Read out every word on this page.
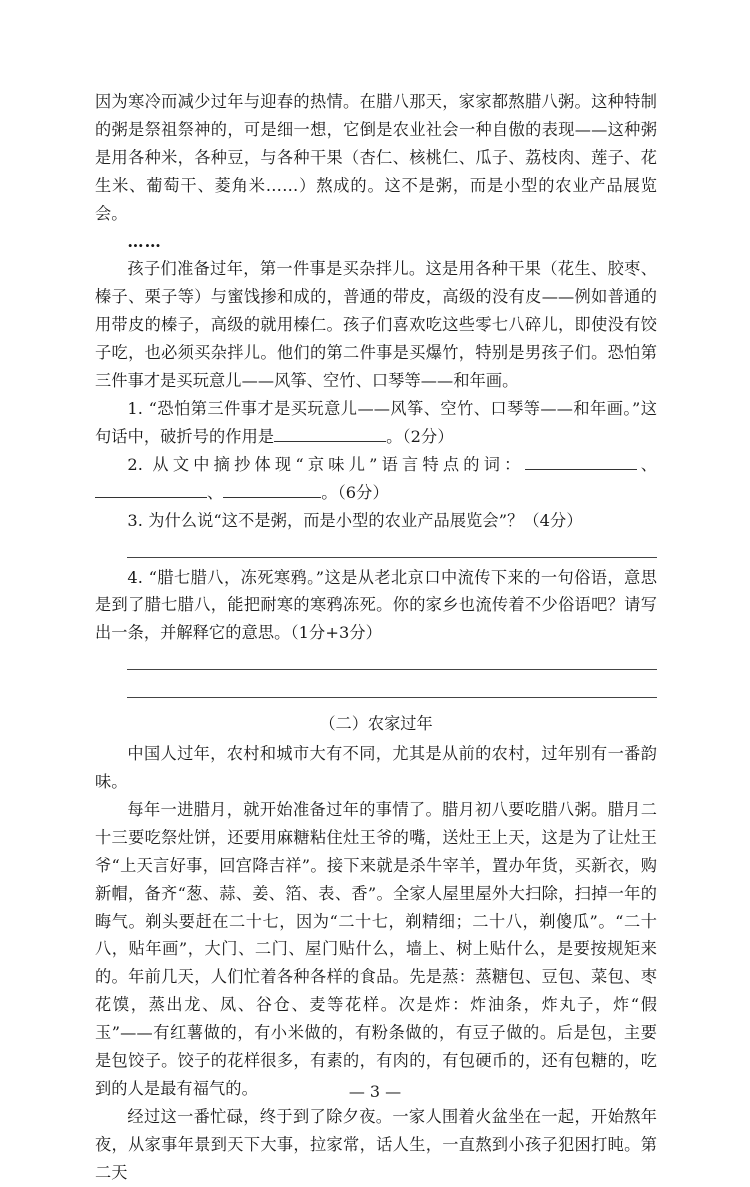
因为寒冷而减少过年与迎春的热情。在腊八那天，家家都熬腊八粥。这种特制的粥是祭祖祭神的，可是细一想，它倒是农业社会一种自傲的表现——这种粥是用各种米，各种豆，与各种干果（杏仁、核桃仁、瓜子、荔枝肉、莲子、花生米、葡萄干、菱角米……）熬成的。这不是粥，而是小型的农业产品展览会。

……

孩子们准备过年，第一件事是买杂拌儿。这是用各种干果（花生、胶枣、榛子、栗子等）与蜜饯掺和成的，普通的带皮，高级的没有皮——例如普通的用带皮的榛子，高级的就用榛仁。孩子们喜欢吃这些零七八碎儿，即使没有饺子吃，也必须买杂拌儿。他们的第二件事是买爆竹，特别是男孩子们。恐怕第三件事才是买玩意儿——风筝、空竹、口琴等——和年画。

1. “恐怕第三件事才是买玩意儿——风筝、空竹、口琴等——和年画。”这句话中，破折号的作用是	。（2分）

2. 从文中摘抄体现“京味儿”语言特点的词：	、、	。（6分）

3. 为什么说“这不是粥，而是小型的农业产品展览会”？（4分）

4. “腊七腊八，冻死寒鸦。”这是从老北京口中流传下来的一句俗语，意思是到了腊七腊八，能把耐寒的寒鸦冻死。你的家乡也流传着不少俗语吧？请写出一条，并解释它的意思。（1分+3分）

（二）农家过年

中国人过年，农村和城市大有不同，尤其是从前的农村，过年别有一番韵味。

每年一进腊月，就开始准备过年的事情了。腊月初八要吃腊八粥。腊月二十三要吃祭灶饼，还要用麻糖粘住灶王爷的嘴，送灶王上天，这是为了让灶王爷“上天言好事，回宫降吉祥”。接下来就是杀牛宰羊，置办年货，买新衣，购新帽，备齐“葱、蒜、姜、箔、表、香”。全家人屋里屋外大扫除，扫掉一年的晦气。剃头要赶在二十七，因为“二十七，剃精细；二十八，剃傻瓜”。“二十八，贴年画”，大门、二门、屋门贴什么，墙上、树上贴什么，是要按规矩来的。年前几天，人们忙着各种各样的食品。先是蒸：蒸糖包、豆包、菜包、枣花馍，蒸出龙、凤、谷仓、麦等花样。次是炸：炸油条，炸丸子，炸“假玉”——有红薯做的，有小米做的，有粉条做的，有豆子做的。后是包，主要是包饺子。饺子的花样很多，有素的，有肉的，有包硬币的，还有包糖的，吃到的人是最有福气的。

经过这一番忙碌，终于到了除夕夜。一家人围着火盆坐在一起，开始熬年夜，从家事年景到天下大事，拉家常，话人生，一直熬到小孩子犯困打盹。第二天

— 3 —
